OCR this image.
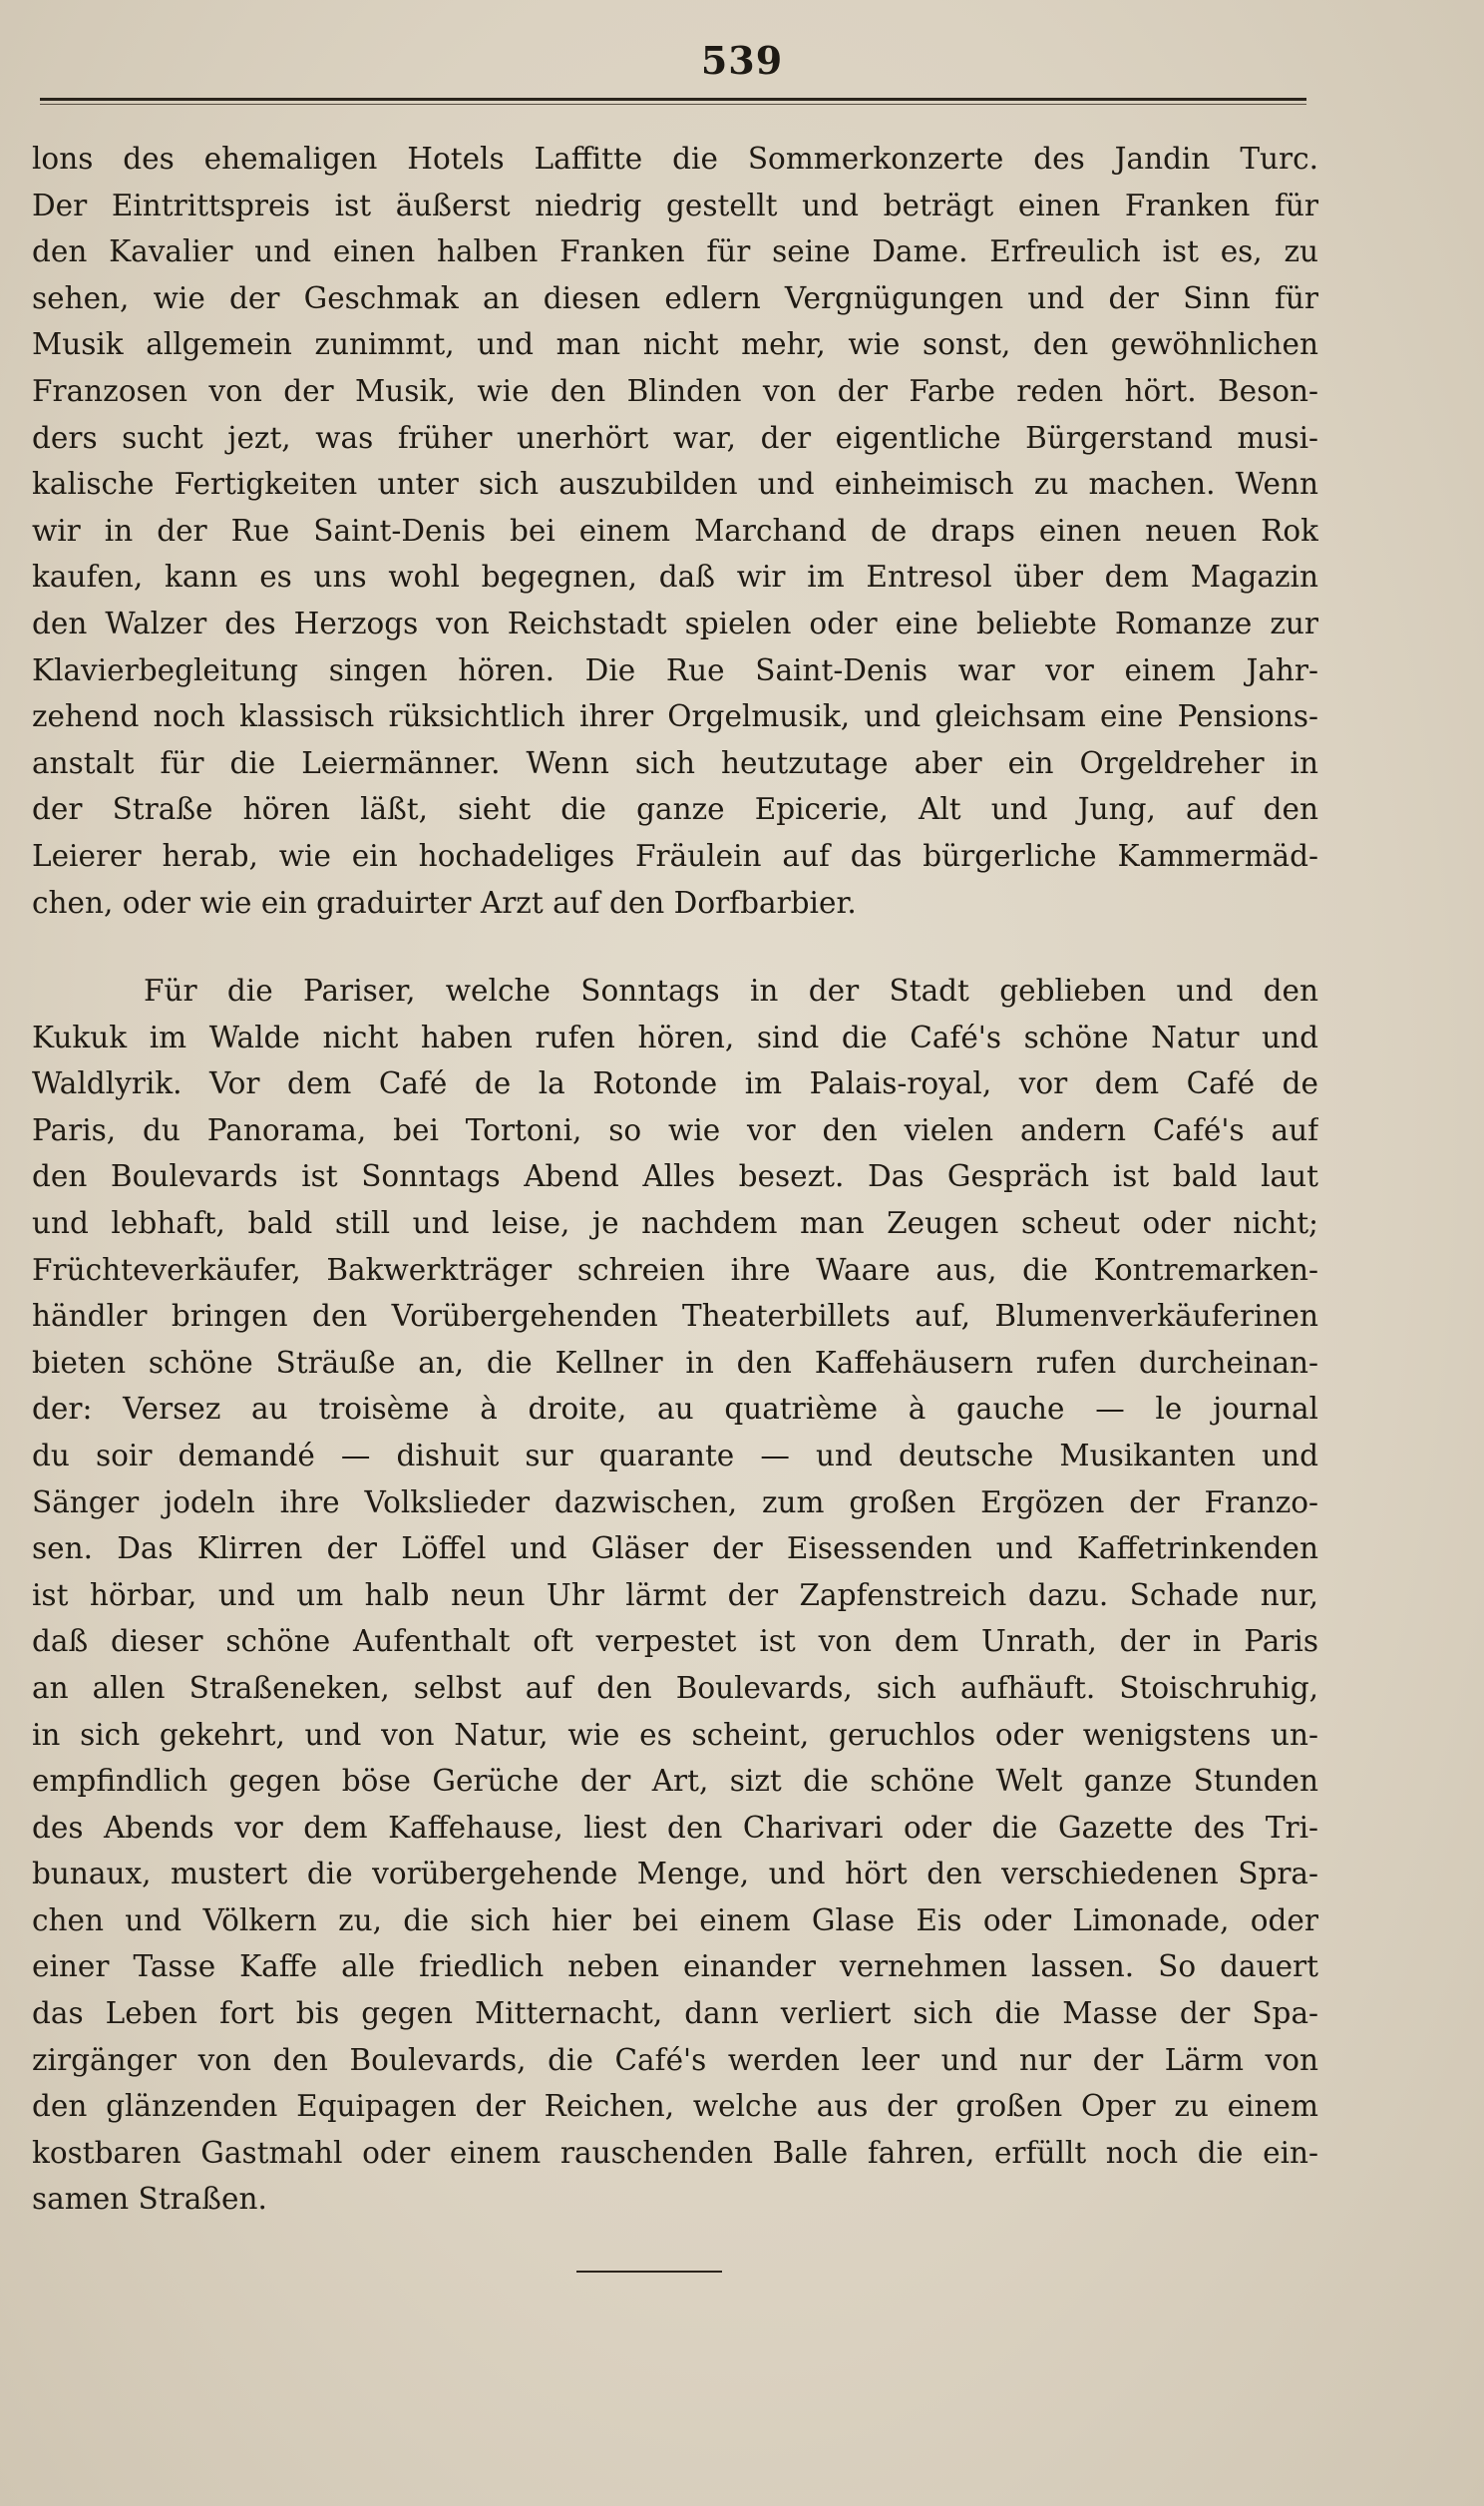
539
lons des ehemaligen Hotels Laffitte die Sommerkonzerte des Jandin Turc.
Der Eintrittspreis ist äußerst niedrig gestellt und beträgt einen Franken für
den Kavalier und einen halben Franken für seine Dame. Erfreulich ist es, zu
sehen, wie der Geschmak an diesen edlern Vergnügungen und der Sinn für
Musik allgemein zunimmt, und man nicht mehr, wie sonst, den gewöhnlichen
Franzosen von der Musik, wie den Blinden von der Farbe reden hört. Beson-
ders sucht jezt, was früher unerhört war, der eigentliche Bürgerstand musi-
kalische Fertigkeiten unter sich auszubilden und einheimisch zu machen. Wenn
wir in der Rue Saint-Denis bei einem Marchand de draps einen neuen Rok
kaufen, kann es uns wohl begegnen, daß wir im Entresol über dem Magazin
den Walzer des Herzogs von Reichstadt spielen oder eine beliebte Romanze zur
Klavierbegleitung singen hören. Die Rue Saint-Denis war vor einem Jahr-
zehend noch klassisch rüksichtlich ihrer Orgelmusik, und gleichsam eine Pensions-
anstalt für die Leiermänner. Wenn sich heutzutage aber ein Orgeldreher in
der Straße hören läßt, sieht die ganze Epicerie, Alt und Jung, auf den
Leierer herab, wie ein hochadeliges Fräulein auf das bürgerliche Kammermäd-
chen, oder wie ein graduirter Arzt auf den Dorfbarbier.
Für die Pariser, welche Sonntags in der Stadt geblieben und den
Kukuk im Walde nicht haben rufen hören, sind die Café's schöne Natur und
Waldlyrik. Vor dem Café de la Rotonde im Palais-royal, vor dem Café de
Paris, du Panorama, bei Tortoni, so wie vor den vielen andern Café's auf
den Boulevards ist Sonntags Abend Alles besezt. Das Gespräch ist bald laut
und lebhaft, bald still und leise, je nachdem man Zeugen scheut oder nicht;
Früchteverkäufer, Bakwerkträger schreien ihre Waare aus, die Kontremarken-
händler bringen den Vorübergehenden Theaterbillets auf, Blumenverkäuferinen
bieten schöne Sträuße an, die Kellner in den Kaffehäusern rufen durcheinan-
der: Versez au troisème à droite, au quatrième à gauche — le journal
du soir demandé — dishuit sur quarante — und deutsche Musikanten und
Sänger jodeln ihre Volkslieder dazwischen, zum großen Ergözen der Franzo-
sen. Das Klirren der Löffel und Gläser der Eisessenden und Kaffetrinkenden
ist hörbar, und um halb neun Uhr lärmt der Zapfenstreich dazu. Schade nur,
daß dieser schöne Aufenthalt oft verpestet ist von dem Unrath, der in Paris
an allen Straßeneken, selbst auf den Boulevards, sich aufhäuft. Stoischruhig,
in sich gekehrt, und von Natur, wie es scheint, geruchlos oder wenigstens un-
empfindlich gegen böse Gerüche der Art, sizt die schöne Welt ganze Stunden
des Abends vor dem Kaffehause, liest den Charivari oder die Gazette des Tri-
bunaux, mustert die vorübergehende Menge, und hört den verschiedenen Spra-
chen und Völkern zu, die sich hier bei einem Glase Eis oder Limonade, oder
einer Tasse Kaffe alle friedlich neben einander vernehmen lassen. So dauert
das Leben fort bis gegen Mitternacht, dann verliert sich die Masse der Spa-
zirgänger von den Boulevards, die Café's werden leer und nur der Lärm von
den glänzenden Equipagen der Reichen, welche aus der großen Oper zu einem
kostbaren Gastmahl oder einem rauschenden Balle fahren, erfüllt noch die ein-
samen Straßen.
